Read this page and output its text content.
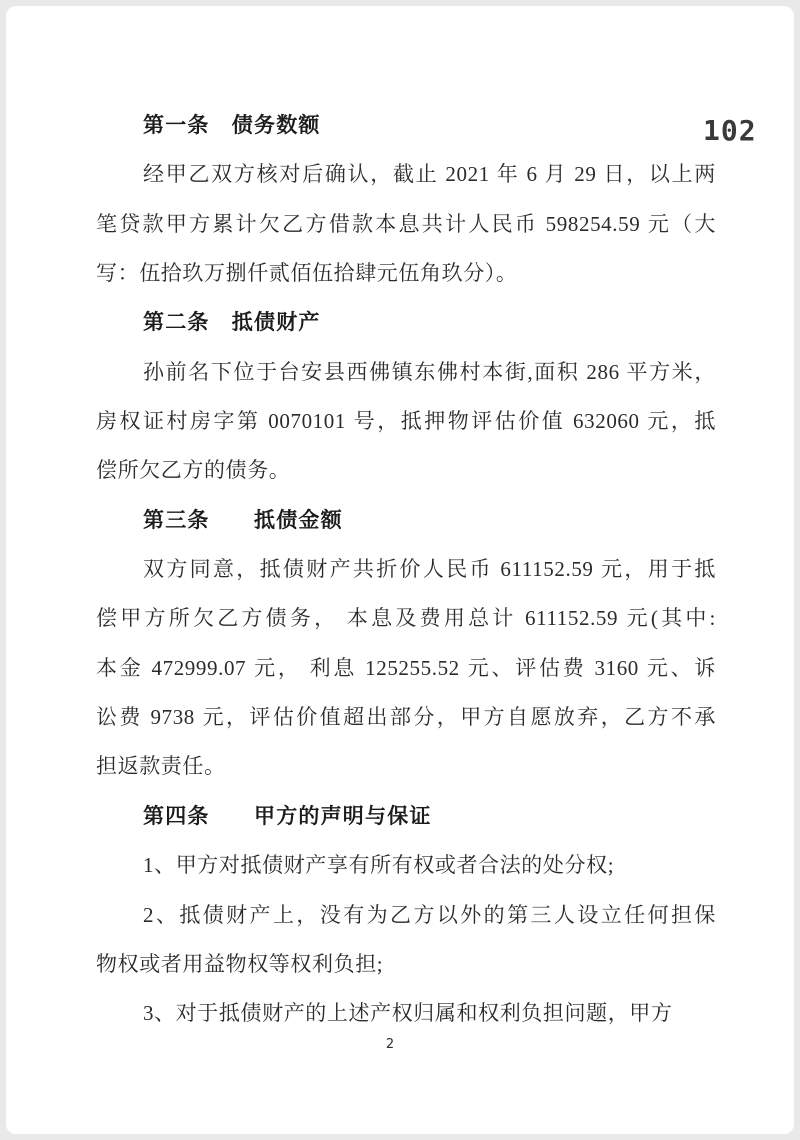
102
第一条　债务数额
经甲乙双方核对后确认，截止 2021 年 6 月 29 日，以上两
笔贷款甲方累计欠乙方借款本息共计人民币 598254.59 元（大
写：伍拾玖万捌仟贰佰伍拾肆元伍角玖分）。
第二条　抵债财产
孙前名下位于台安县西佛镇东佛村本街,面积 286 平方米，
房权证村房字第 0070101 号，抵押物评估价值 632060 元，抵
偿所欠乙方的债务。
第三条　　抵债金额
双方同意，抵债财产共折价人民币 611152.59 元，用于抵
偿甲方所欠乙方债务， 本息及费用总计 611152.59 元(其中:
本金 472999.07 元， 利息 125255.52 元、评估费 3160 元、诉
讼费 9738 元，评估价值超出部分，甲方自愿放弃，乙方不承
担返款责任。
第四条　　甲方的声明与保证
1、甲方对抵债财产享有所有权或者合法的处分权;
2、抵债财产上，没有为乙方以外的第三人设立任何担保
物权或者用益物权等权利负担;
3、对于抵债财产的上述产权归属和权利负担问题，甲方
2
